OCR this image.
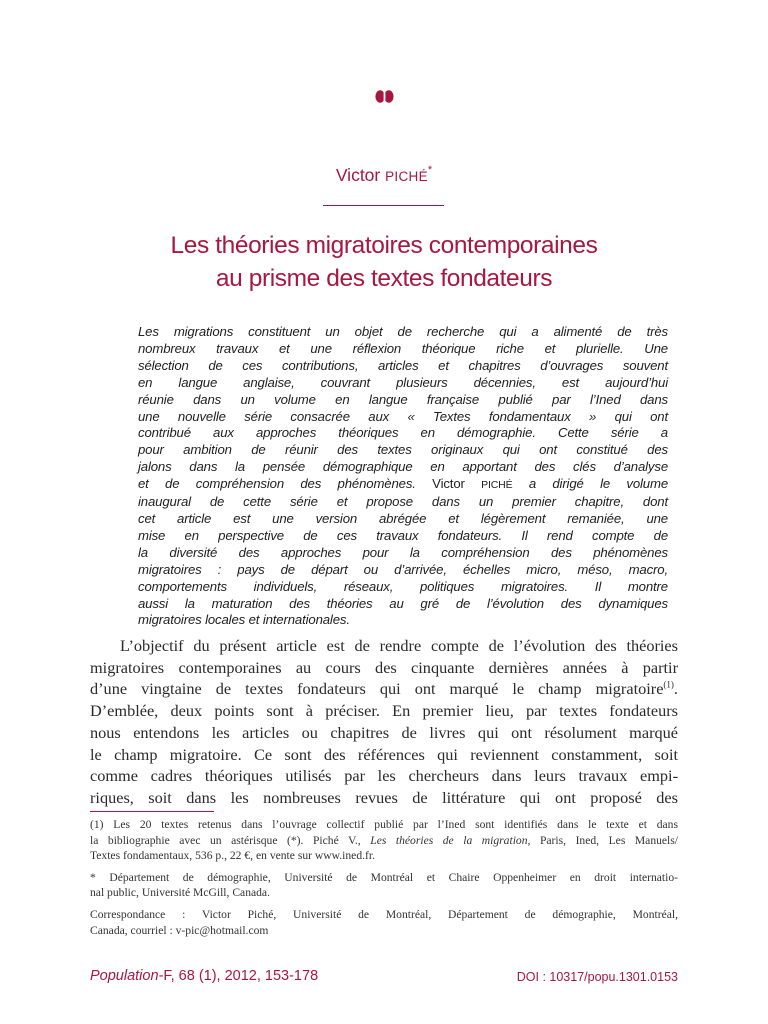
Victor PICHÉ*
Les théories migratoires contemporaines
au prisme des textes fondateurs
Les migrations constituent un objet de recherche qui a alimenté de très
nombreux travaux et une réflexion théorique riche et plurielle. Une
sélection de ces contributions, articles et chapitres d’ouvrages souvent
en langue anglaise, couvrant plusieurs décennies, est aujourd’hui
réunie dans un volume en langue française publié par l’Ined dans
une nouvelle série consacrée aux « Textes fondamentaux » qui ont
contribué aux approches théoriques en démographie. Cette série a
pour ambition de réunir des textes originaux qui ont constitué des
jalons dans la pensée démographique en apportant des clés d’analyse
et de compréhension des phénomènes. Victor PICHÉ a dirigé le volume
inaugural de cette série et propose dans un premier chapitre, dont
cet article est une version abrégée et légèrement remaniée, une
mise en perspective de ces travaux fondateurs. Il rend compte de
la diversité des approches pour la compréhension des phénomènes
migratoires : pays de départ ou d’arrivée, échelles micro, méso, macro,
comportements individuels, réseaux, politiques migratoires. Il montre
aussi la maturation des théories au gré de l’évolution des dynamiques
migratoires locales et internationales.
L’objectif du présent article est de rendre compte de l’évolution des théories
migratoires contemporaines au cours des cinquante dernières années à partir
d’une vingtaine de textes fondateurs qui ont marqué le champ migratoire$^{(1)}$.
D’emblée, deux points sont à préciser. En premier lieu, par textes fondateurs
nous entendons les articles ou chapitres de livres qui ont résolument marqué
le champ migratoire. Ce sont des références qui reviennent constamment, soit
comme cadres théoriques utilisés par les chercheurs dans leurs travaux empi-
riques, soit dans les nombreuses revues de littérature qui ont proposé des
(1) Les 20 textes retenus dans l’ouvrage collectif publié par l’Ined sont identifiés dans le texte et dans
la bibliographie avec un astérisque (*). Piché V., Les théories de la migration, Paris, Ined, Les Manuels/
Textes fondamentaux, 536 p., 22 €, en vente sur www.ined.fr.
* Département de démographie, Université de Montréal et Chaire Oppenheimer en droit internatio-
nal public, Université McGill, Canada.
Correspondance : Victor Piché, Université de Montréal, Département de démographie, Montréal,
Canada, courriel : v-pic@hotmail.com
Population-F, 68 (1), 2012, 153-178	DOI : 10317/popu.1301.0153
